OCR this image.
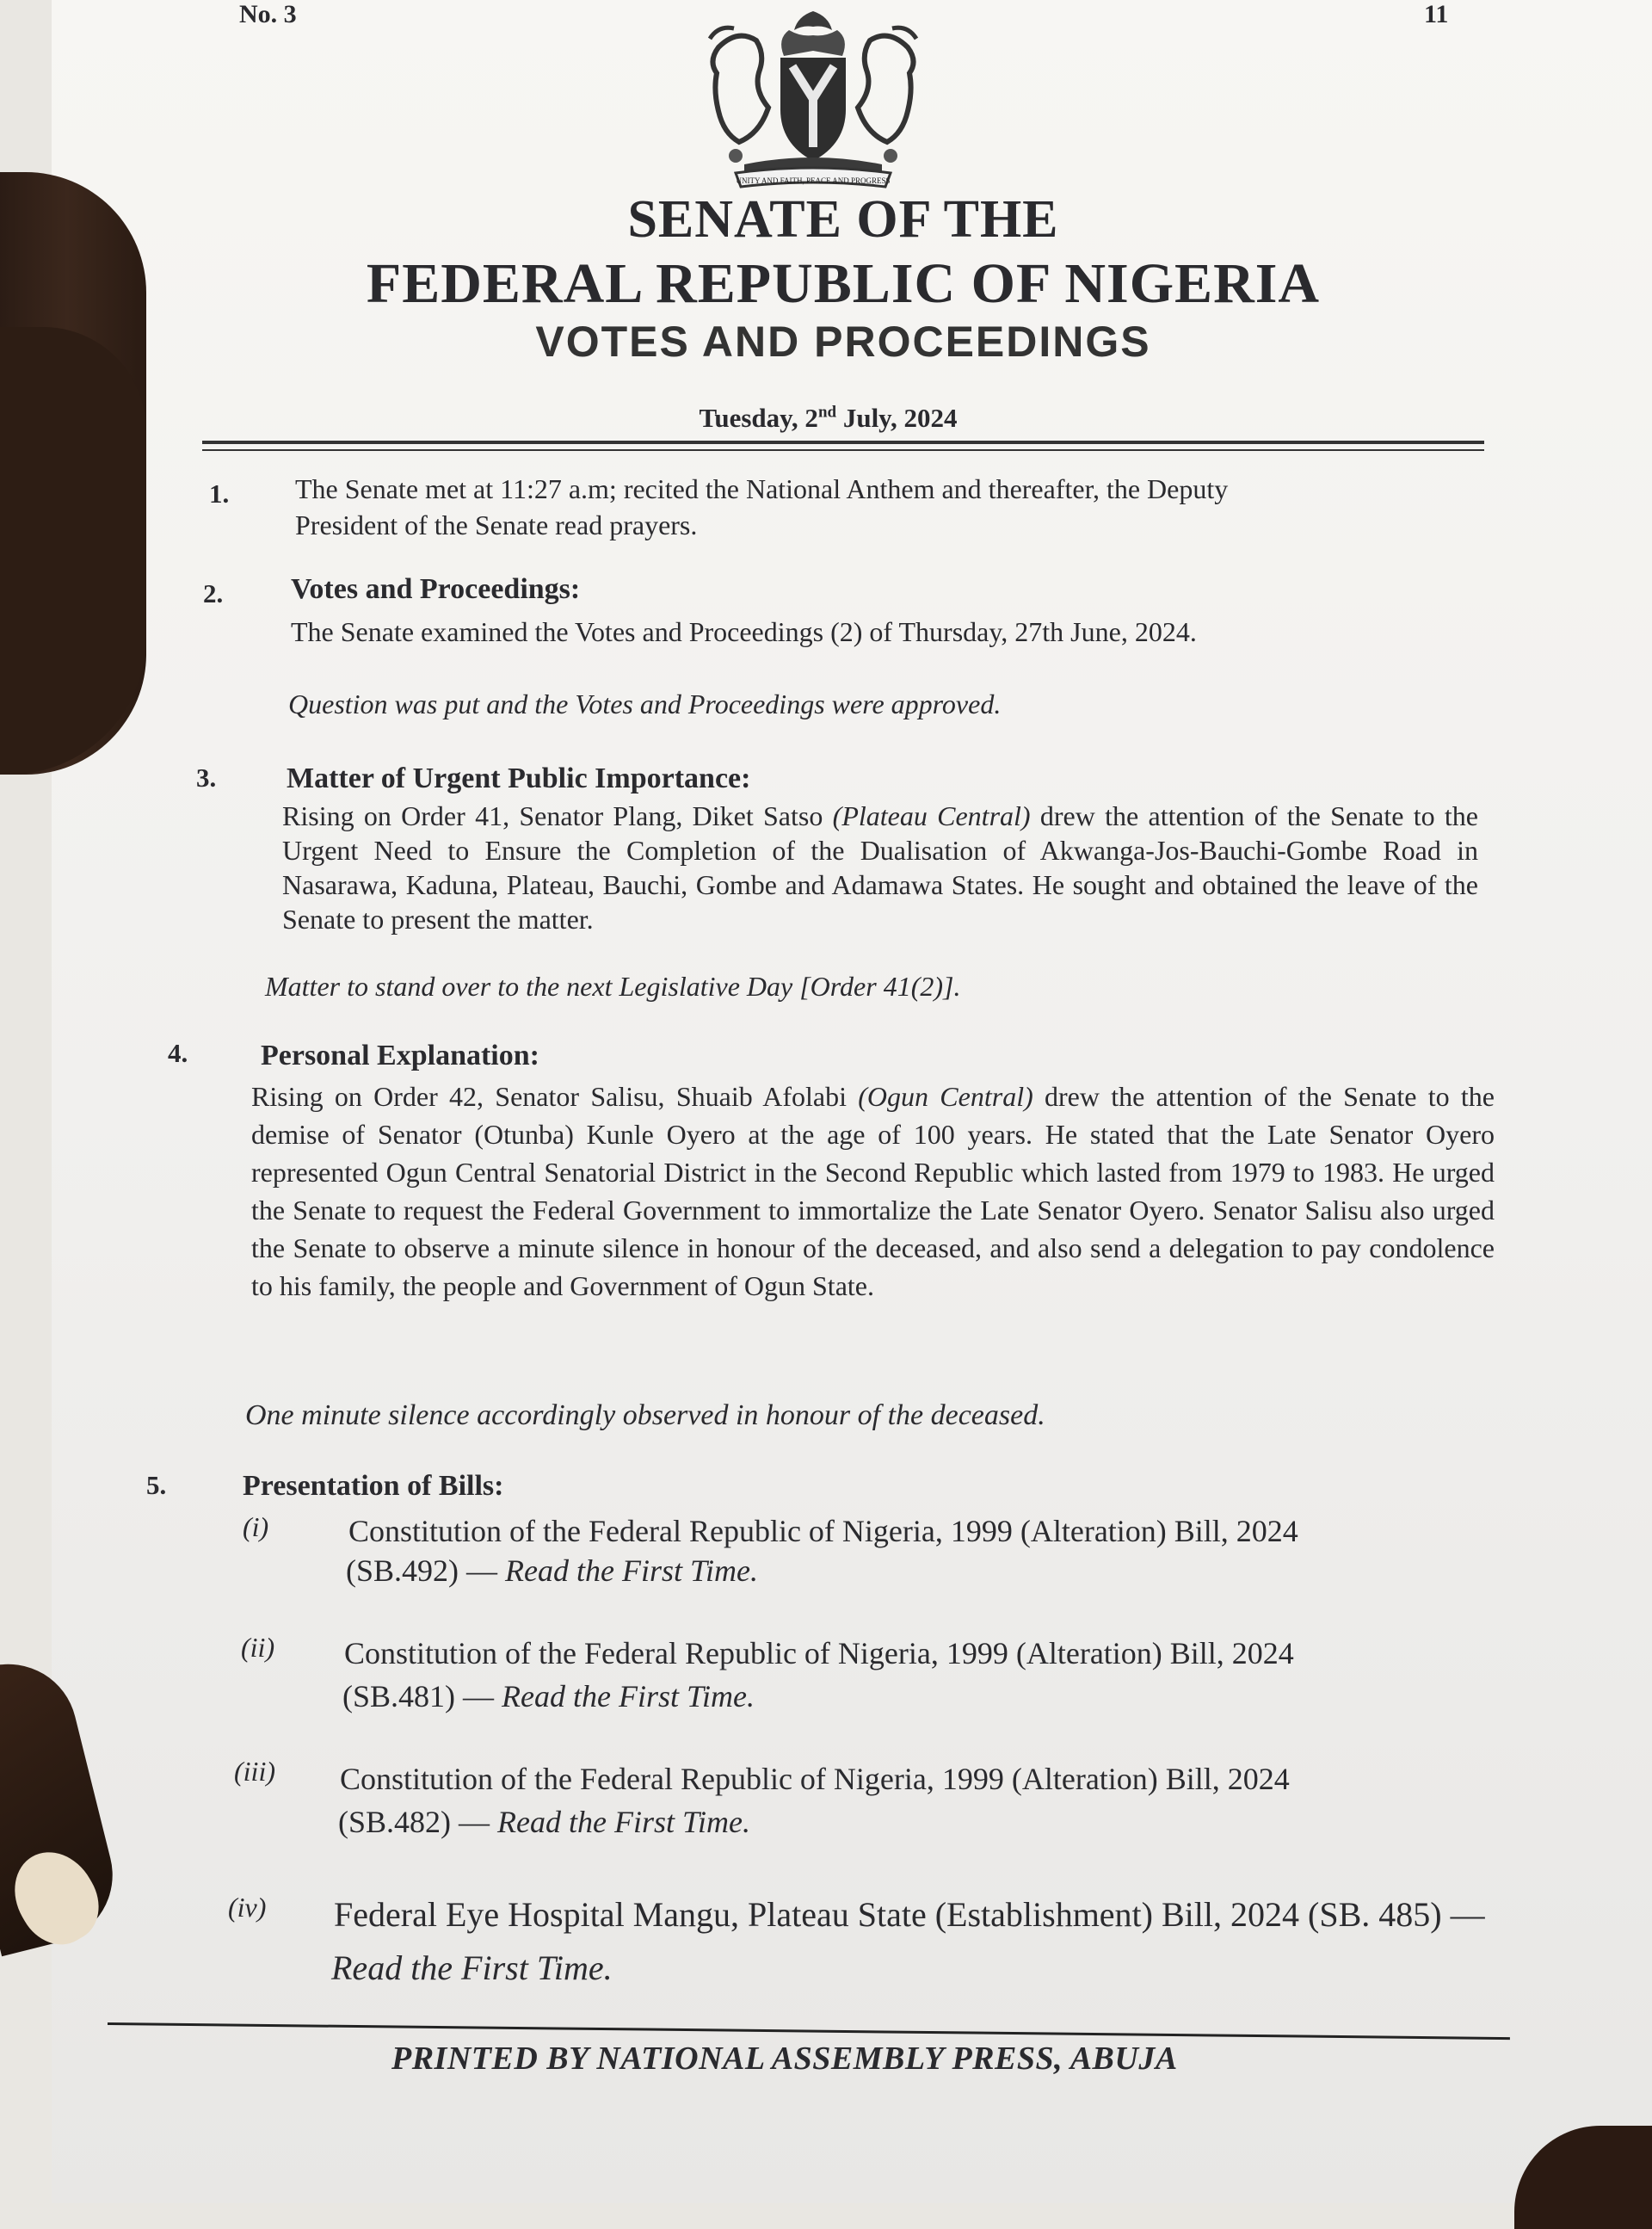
No. 3	11
UNITY AND FAITH, PEACE AND PROGRESS
SENATE OF THE
FEDERAL REPUBLIC OF NIGERIA
VOTES AND PROCEEDINGS
Tuesday, 2nd July, 2024
1. The Senate met at 11:27 a.m; recited the National Anthem and thereafter, the Deputy
President of the Senate read prayers.
2. Votes and Proceedings:
The Senate examined the Votes and Proceedings (2) of Thursday, 27th June, 2024.
Question was put and the Votes and Proceedings were approved.
3. Matter of Urgent Public Importance:
Rising on Order 41, Senator Plang, Diket Satso (Plateau Central) drew the attention of the Senate to the Urgent Need to Ensure the Completion of the Dualisation of Akwanga-Jos-Bauchi-Gombe Road in Nasarawa, Kaduna, Plateau, Bauchi, Gombe and Adamawa States. He sought and obtained the leave of the Senate to present the matter.
Matter to stand over to the next Legislative Day [Order 41(2)].
4. Personal Explanation:
Rising on Order 42, Senator Salisu, Shuaib Afolabi (Ogun Central) drew the attention of the Senate to the demise of Senator (Otunba) Kunle Oyero at the age of 100 years. He stated that the Late Senator Oyero represented Ogun Central Senatorial District in the Second Republic which lasted from 1979 to 1983. He urged the Senate to request the Federal Government to immortalize the Late Senator Oyero. Senator Salisu also urged the Senate to observe a minute silence in honour of the deceased, and also send a delegation to pay condolence to his family, the people and Government of Ogun State.
One minute silence accordingly observed in honour of the deceased.
5.	Presentation of Bills:
(i)	Constitution of the Federal Republic of Nigeria, 1999 (Alteration) Bill, 2024
(SB.492) — Read the First Time.
(ii) Constitution of the Federal Republic of Nigeria, 1999 (Alteration) Bill, 2024
(SB.481) — Read the First Time.
(iii) Constitution of the Federal Republic of Nigeria, 1999 (Alteration) Bill, 2024
(SB.482) — Read the First Time.
(iv) Federal Eye Hospital Mangu, Plateau State (Establishment) Bill, 2024 (SB. 485) —
Read the First Time.
PRINTED BY NATIONAL ASSEMBLY PRESS, ABUJA
